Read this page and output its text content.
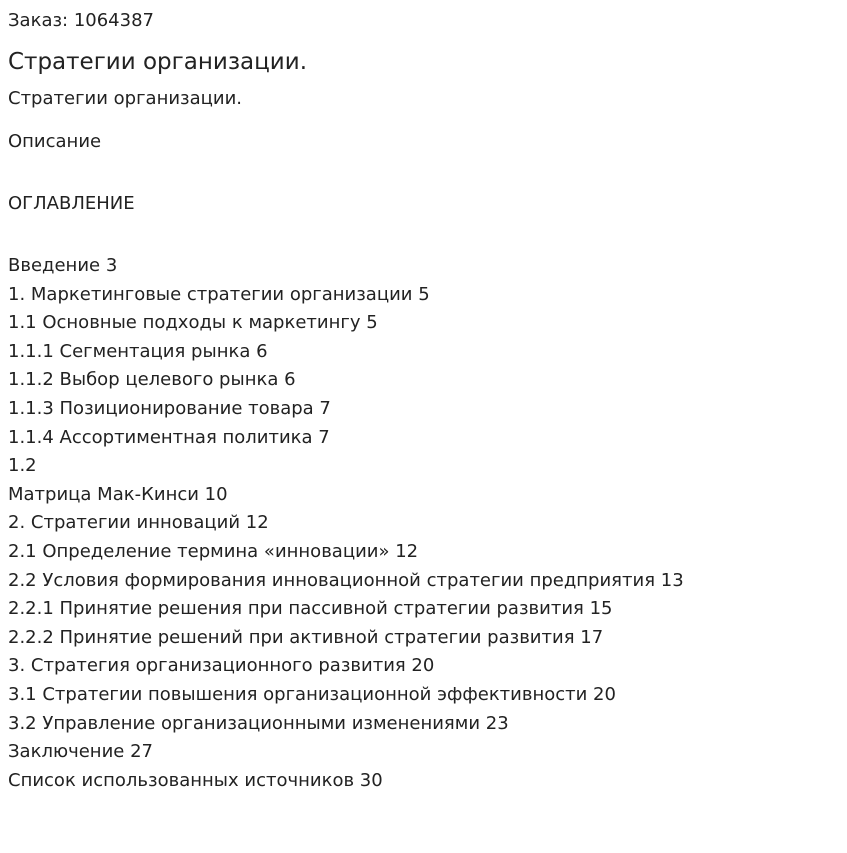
Заказ: 1064387
Стратегии организации.
Стратегии организации.
Описание
ОГЛАВЛЕНИЕ
Введение 3
1. Маркетинговые стратегии организации 5
1.1 Основные подходы к маркетингу 5
1.1.1 Сегментация рынка 6
1.1.2 Выбор целевого рынка 6
1.1.3 Позиционирование товара 7
1.1.4 Ассортиментная политика 7
1.2
Матрица Мак-Кинси 10
2. Стратегии инноваций 12
2.1 Определение термина «инновации» 12
2.2 Условия формирования инновационной стратегии предприятия 13
2.2.1 Принятие решения при пассивной стратегии развития 15
2.2.2 Принятие решений при активной стратегии развития 17
3. Стратегия организационного развития 20
3.1 Стратегии повышения организационной эффективности 20
3.2 Управление организационными изменениями 23
Заключение 27
Список использованных источников 30
